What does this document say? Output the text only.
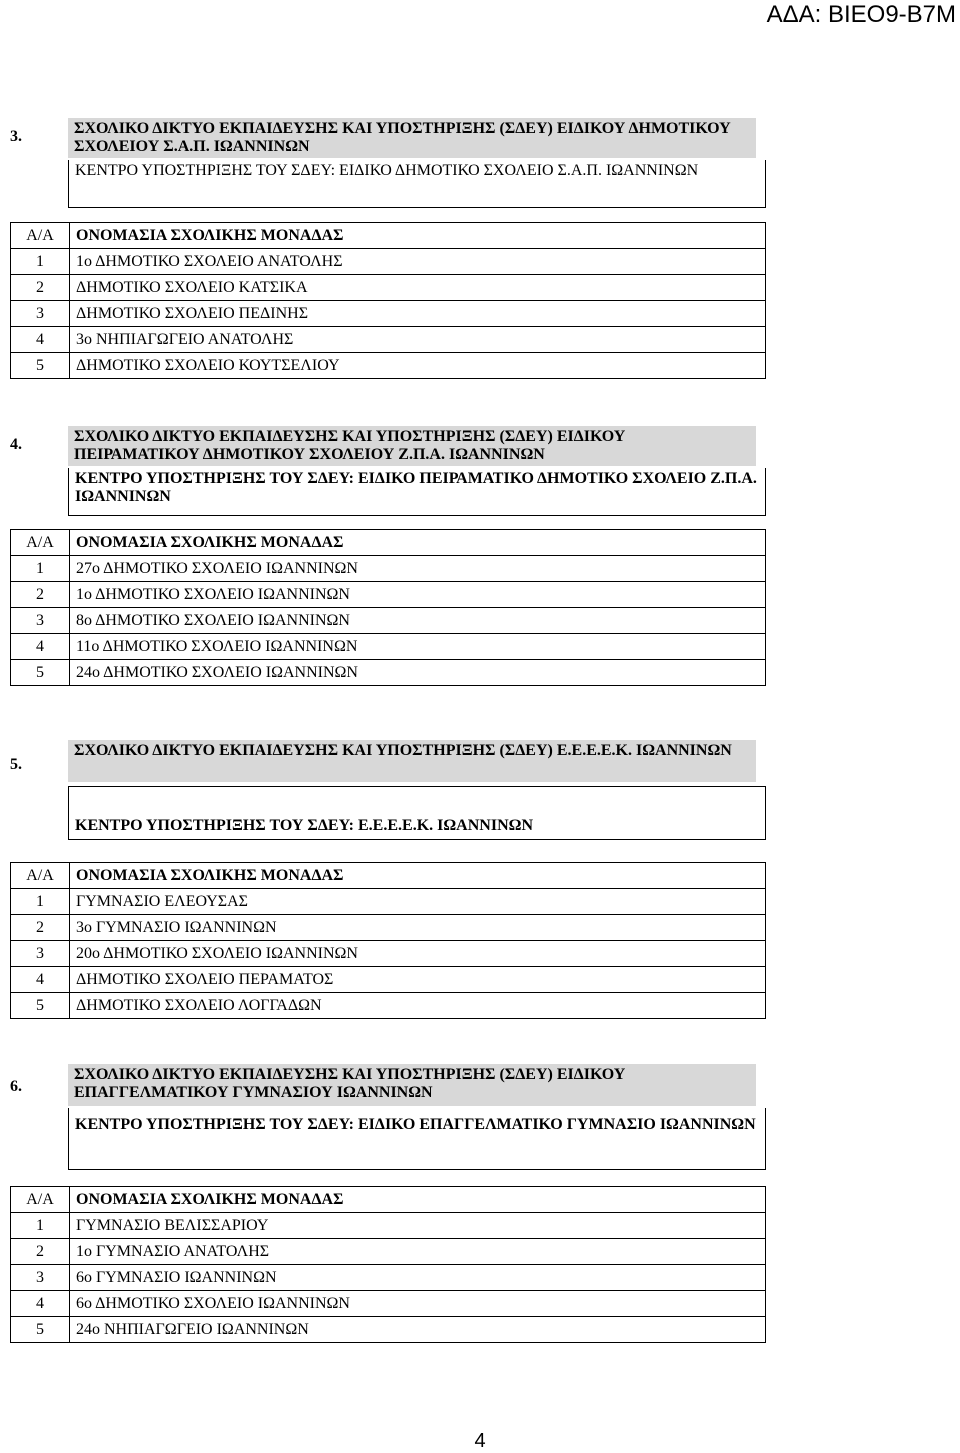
ΑΔΑ: ΒΙΕΟ9-Β7Μ
3.	ΣΧΟΛΙΚΟ ΔΙΚΤΥΟ ΕΚΠΑΙΔΕΥΣΗΣ ΚΑΙ ΥΠΟΣΤΗΡΙΞΗΣ (ΣΔΕΥ) ΕΙΔΙΚΟΥ ΔΗΜΟΤΙΚΟΥ ΣΧΟΛΕΙΟΥ Σ.Α.Π. ΙΩΑΝΝΙΝΩΝ
ΚΕΝΤΡΟ ΥΠΟΣΤΗΡΙΞΗΣ ΤΟΥ ΣΔΕΥ: ΕΙΔΙΚΟ ΔΗΜΟΤΙΚΟ ΣΧΟΛΕΙΟ Σ.Α.Π. ΙΩΑΝΝΙΝΩΝ
Α/Α	ΟΝΟΜΑΣΙΑ ΣΧΟΛΙΚΗΣ ΜΟΝΑΔΑΣ
1	1ο ΔΗΜΟΤΙΚΟ ΣΧΟΛΕΙΟ ΑΝΑΤΟΛΗΣ
2	ΔΗΜΟΤΙΚΟ ΣΧΟΛΕΙΟ ΚΑΤΣΙΚΑ
3	ΔΗΜΟΤΙΚΟ ΣΧΟΛΕΙΟ ΠΕΔΙΝΗΣ
4	3ο ΝΗΠΙΑΓΩΓΕΙΟ ΑΝΑΤΟΛΗΣ
5	ΔΗΜΟΤΙΚΟ ΣΧΟΛΕΙΟ ΚΟΥΤΣΕΛΙΟΥ
4.	ΣΧΟΛΙΚΟ ΔΙΚΤΥΟ ΕΚΠΑΙΔΕΥΣΗΣ ΚΑΙ ΥΠΟΣΤΗΡΙΞΗΣ (ΣΔΕΥ) ΕΙΔΙΚΟΥ ΠΕΙΡΑΜΑΤΙΚΟΥ ΔΗΜΟΤΙΚΟΥ ΣΧΟΛΕΙΟΥ Ζ.Π.Α. ΙΩΑΝΝΙΝΩΝ
ΚΕΝΤΡΟ ΥΠΟΣΤΗΡΙΞΗΣ ΤΟΥ ΣΔΕΥ: ΕΙΔΙΚΟ ΠΕΙΡΑΜΑΤΙΚΟ ΔΗΜΟΤΙΚΟ ΣΧΟΛΕΙΟ Ζ.Π.Α. ΙΩΑΝΝΙΝΩΝ
Α/Α	ΟΝΟΜΑΣΙΑ ΣΧΟΛΙΚΗΣ ΜΟΝΑΔΑΣ
1	27ο ΔΗΜΟΤΙΚΟ ΣΧΟΛΕΙΟ ΙΩΑΝΝΙΝΩΝ
2	1ο ΔΗΜΟΤΙΚΟ ΣΧΟΛΕΙΟ ΙΩΑΝΝΙΝΩΝ
3	8ο ΔΗΜΟΤΙΚΟ ΣΧΟΛΕΙΟ ΙΩΑΝΝΙΝΩΝ
4	11ο ΔΗΜΟΤΙΚΟ ΣΧΟΛΕΙΟ ΙΩΑΝΝΙΝΩΝ
5	24ο ΔΗΜΟΤΙΚΟ ΣΧΟΛΕΙΟ ΙΩΑΝΝΙΝΩΝ
5.
ΣΧΟΛΙΚΟ ΔΙΚΤΥΟ ΕΚΠΑΙΔΕΥΣΗΣ ΚΑΙ ΥΠΟΣΤΗΡΙΞΗΣ (ΣΔΕΥ) Ε.Ε.Ε.Ε.Κ. ΙΩΑΝΝΙΝΩΝ
ΚΕΝΤΡΟ ΥΠΟΣΤΗΡΙΞΗΣ ΤΟΥ ΣΔΕΥ: Ε.Ε.Ε.Ε.Κ. ΙΩΑΝΝΙΝΩΝ
Α/Α	ΟΝΟΜΑΣΙΑ ΣΧΟΛΙΚΗΣ ΜΟΝΑΔΑΣ
1	ΓΥΜΝΑΣΙΟ ΕΛΕΟΥΣΑΣ
2	3ο ΓΥΜΝΑΣΙΟ ΙΩΑΝΝΙΝΩΝ
3	20ο ΔΗΜΟΤΙΚΟ ΣΧΟΛΕΙΟ ΙΩΑΝΝΙΝΩΝ
4	ΔΗΜΟΤΙΚΟ ΣΧΟΛΕΙΟ ΠΕΡΑΜΑΤΟΣ
5	ΔΗΜΟΤΙΚΟ ΣΧΟΛΕΙΟ ΛΟΓΓΑΔΩΝ
6.
ΣΧΟΛΙΚΟ ΔΙΚΤΥΟ ΕΚΠΑΙΔΕΥΣΗΣ ΚΑΙ ΥΠΟΣΤΗΡΙΞΗΣ (ΣΔΕΥ) ΕΙΔΙΚΟΥ ΕΠΑΓΓΕΛΜΑΤΙΚΟΥ ΓΥΜΝΑΣΙΟΥ ΙΩΑΝΝΙΝΩΝ
ΚΕΝΤΡΟ ΥΠΟΣΤΗΡΙΞΗΣ ΤΟΥ ΣΔΕΥ: ΕΙΔΙΚΟ ΕΠΑΓΓΕΛΜΑΤΙΚΟ ΓΥΜΝΑΣΙΟ ΙΩΑΝΝΙΝΩΝ
Α/Α	ΟΝΟΜΑΣΙΑ ΣΧΟΛΙΚΗΣ ΜΟΝΑΔΑΣ
1	ΓΥΜΝΑΣΙΟ ΒΕΛΙΣΣΑΡΙΟΥ
2	1ο ΓΥΜΝΑΣΙΟ ΑΝΑΤΟΛΗΣ
3	6ο ΓΥΜΝΑΣΙΟ ΙΩΑΝΝΙΝΩΝ
4	6ο ΔΗΜΟΤΙΚΟ ΣΧΟΛΕΙΟ ΙΩΑΝΝΙΝΩΝ
5	24ο ΝΗΠΙΑΓΩΓΕΙΟ ΙΩΑΝΝΙΝΩΝ
4
